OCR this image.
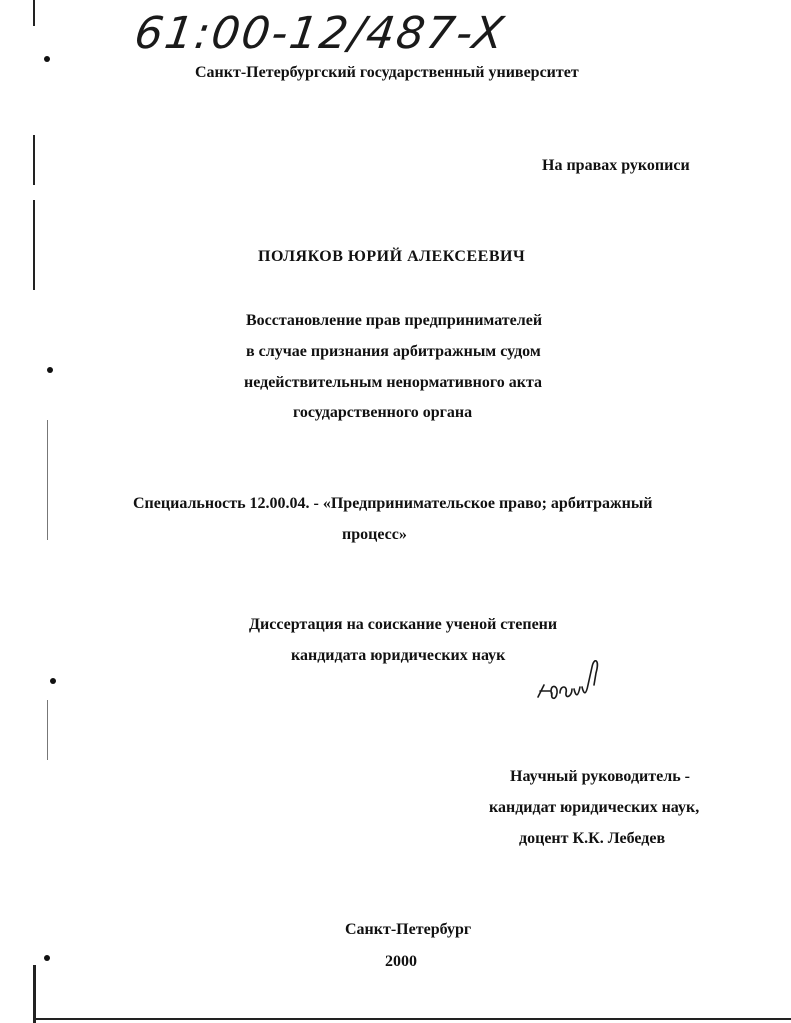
61:00-12/487-X
Санкт-Петербургский государственный университет
На правах рукописи
ПОЛЯКОВ ЮРИЙ АЛЕКСЕЕВИЧ
Восстановление прав предпринимателей
в случае признания арбитражным судом
недействительным ненормативного акта
государственного органа
Специальность 12.00.04. - «Предпринимательское право; арбитражный
процесс»
Диссертация на соискание ученой степени
кандидата юридических наук
Научный руководитель -
кандидат юридических наук,
доцент К.К. Лебедев
Санкт-Петербург
2000
